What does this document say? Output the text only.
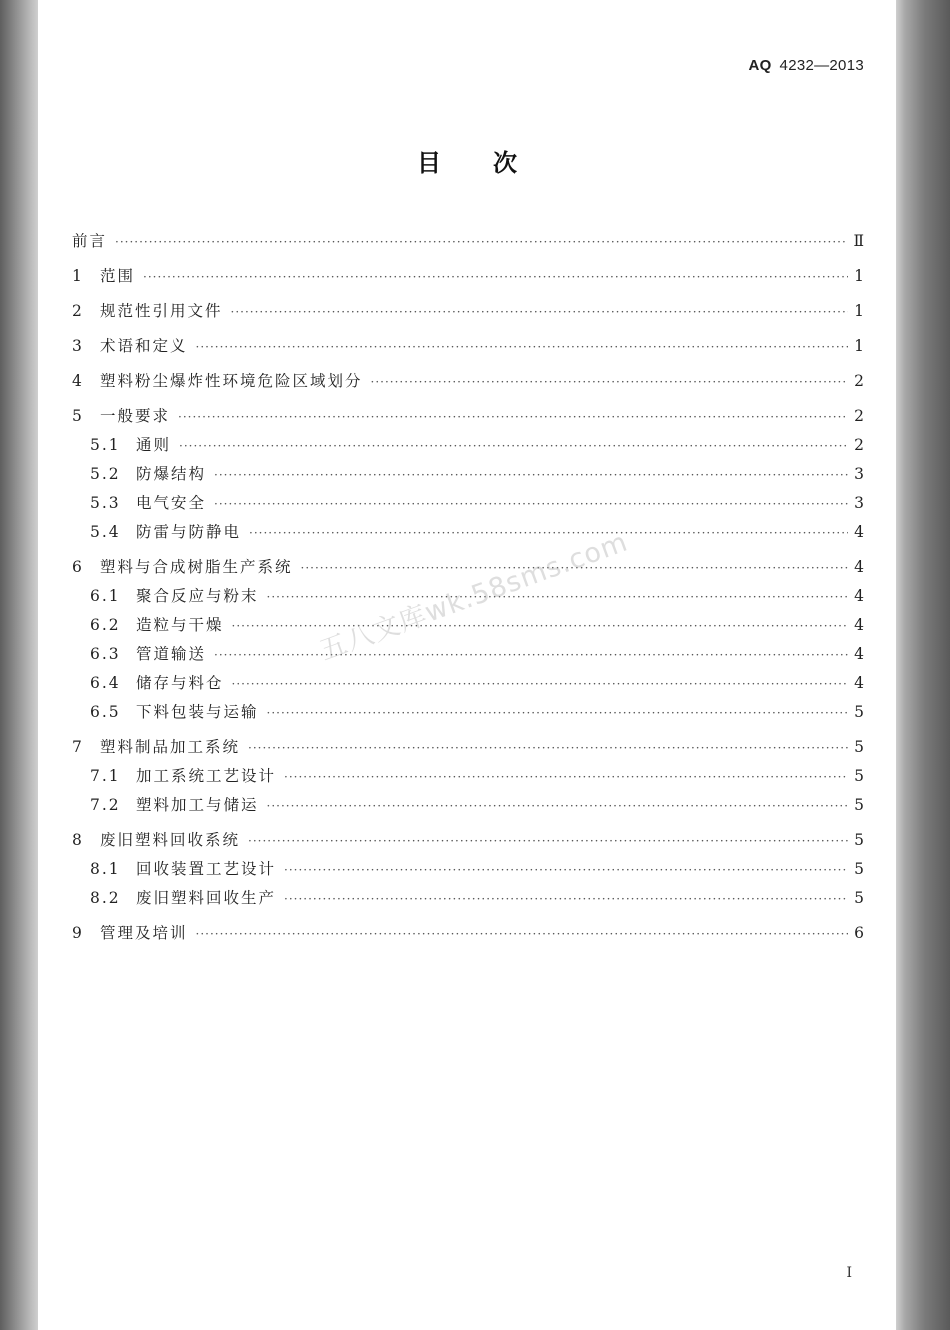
AQ 4232—2013
目次
前言 ·····	Ⅱ
1	范围 ·····	1
2	规范性引用文件 ·····	1
3	术语和定义 ·····	1
4	塑料粉尘爆炸性环境危险区域划分 ·····	2
5	一般要求 ·····	2
5.1 通则 ·····	2
5.2 防爆结构 ·····	3
5.3 电气安全 ·····	3
5.4 防雷与防静电 ·····	4
6	塑料与合成树脂生产系统 ·····	4
6.1 聚合反应与粉末 ·····	4
6.2 造粒与干燥 ·····	4
6.3 管道输送 ·····	4
6.4 储存与料仓 ·····	4
6.5 下料包装与运输 ·····	5
7	塑料制品加工系统 ·····	5
7.1 加工系统工艺设计 ·····	5
7.2 塑料加工与储运 ·····	5
8	废旧塑料回收系统 ·····	5
8.1 回收装置工艺设计 ·····	5
8.2 废旧塑料回收生产 ·····	5
9	管理及培训 ·····	6
五八文库wk.58sms.com
I
